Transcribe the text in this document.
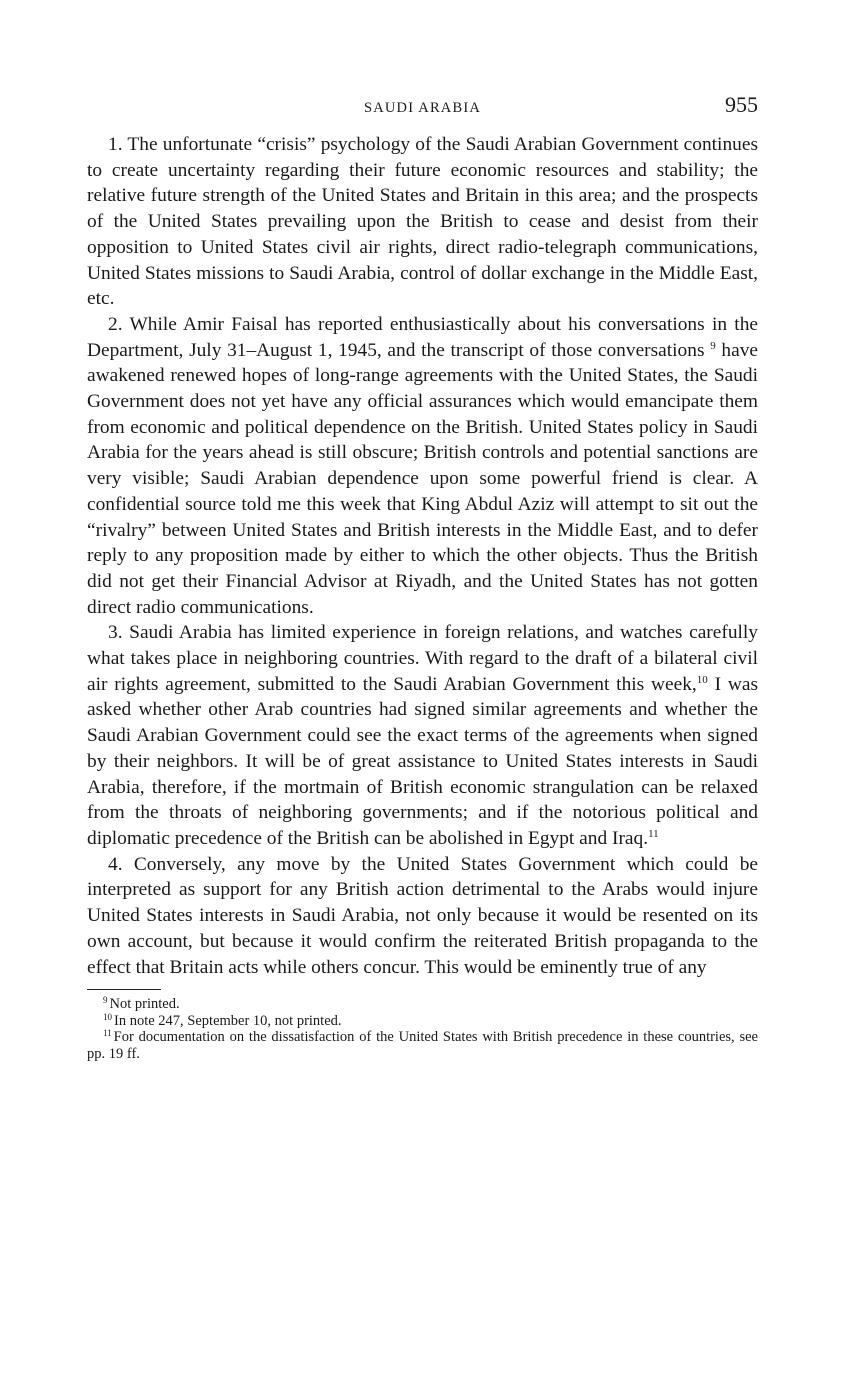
SAUDI ARABIA	955

1. The unfortunate “crisis” psychology of the Saudi Arabian Government continues to create uncertainty regarding their future economic resources and stability; the relative future strength of the United States and Britain in this area; and the prospects of the United States prevailing upon the British to cease and desist from their opposition to United States civil air rights, direct radio-telegraph communications, United States missions to Saudi Arabia, control of dollar exchange in the Middle East, etc.

2. While Amir Faisal has reported enthusiastically about his conversations in the Department, July 31–August 1, 1945, and the transcript of those conversations $^9$ have awakened renewed hopes of long-range agreements with the United States, the Saudi Government does not yet have any official assurances which would emancipate them from economic and political dependence on the British. United States policy in Saudi Arabia for the years ahead is still obscure; British controls and potential sanctions are very visible; Saudi Arabian dependence upon some powerful friend is clear. A confidential source told me this week that King Abdul Aziz will attempt to sit out the “rivalry” between United States and British interests in the Middle East, and to defer reply to any proposition made by either to which the other objects. Thus the British did not get their Financial Advisor at Riyadh, and the United States has not gotten direct radio communications.

3. Saudi Arabia has limited experience in foreign relations, and watches carefully what takes place in neighboring countries. With regard to the draft of a bilateral civil air rights agreement, submitted to the Saudi Arabian Government this week,$^{10}$ I was asked whether other Arab countries had signed similar agreements and whether the Saudi Arabian Government could see the exact terms of the agreements when signed by their neighbors. It will be of great assistance to United States interests in Saudi Arabia, therefore, if the mortmain of British economic strangulation can be relaxed from the throats of neighboring governments; and if the notorious political and diplomatic precedence of the British can be abolished in Egypt and Iraq.$^{11}$

4. Conversely, any move by the United States Government which could be interpreted as support for any British action detrimental to the Arabs would injure United States interests in Saudi Arabia, not only because it would be resented on its own account, but because it would confirm the reiterated British propaganda to the effect that Britain acts while others concur. This would be eminently true of any

$^9$ Not printed.

$^{10}$ In note 247, September 10, not printed.

$^{11}$ For documentation on the dissatisfaction of the United States with British precedence in these countries, see pp. 19 ff.
